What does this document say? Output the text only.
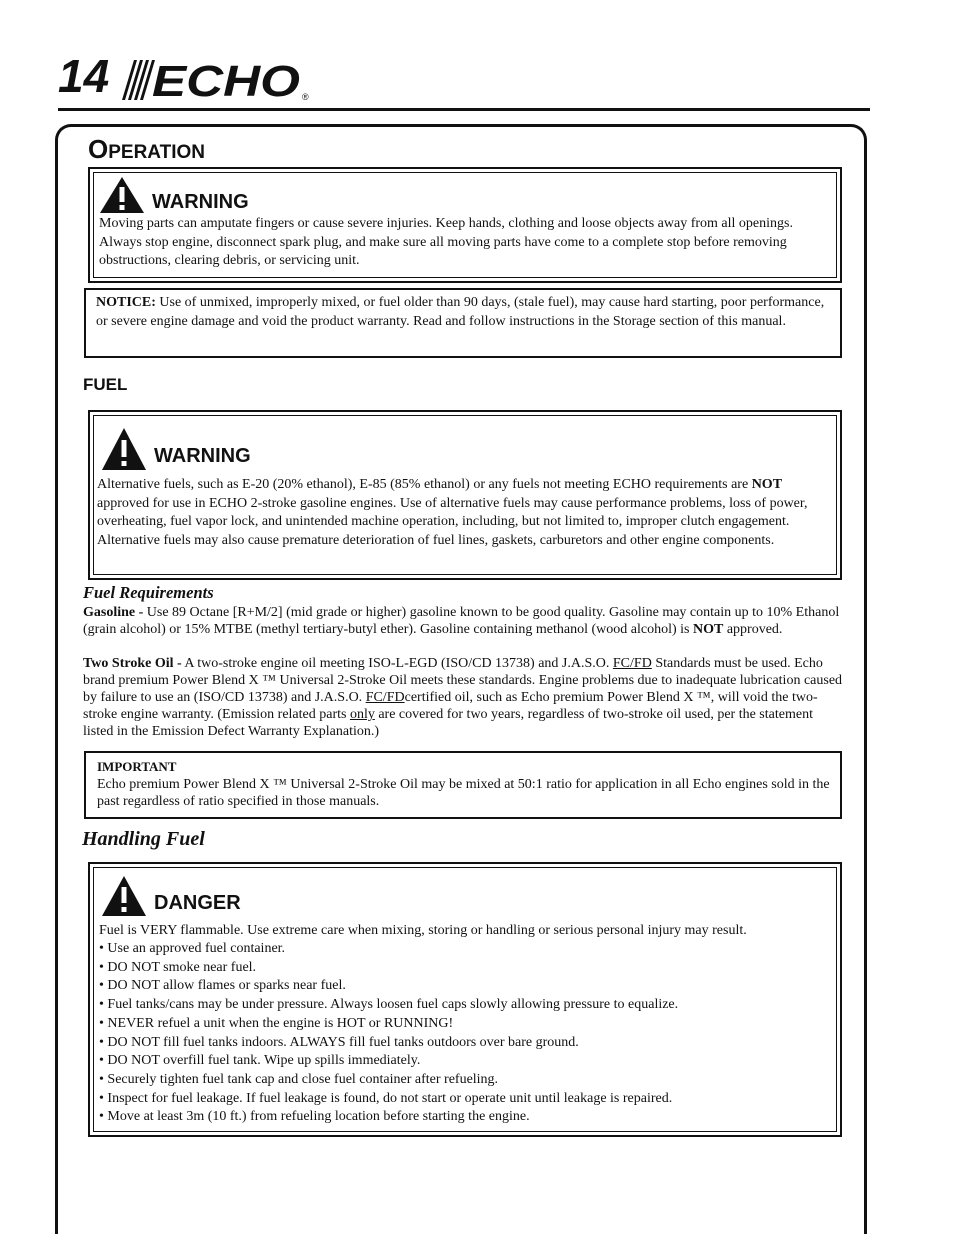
14 ECHO ®
OPERATION
WARNING
Moving parts can amputate fingers or cause severe injuries. Keep hands, clothing and loose objects away from all openings. Always stop engine, disconnect spark plug, and make sure all moving parts have come to a complete stop before removing obstructions, clearing debris, or servicing unit.
NOTICE: Use of unmixed, improperly mixed, or fuel older than 90 days, (stale fuel), may cause hard starting, poor performance, or severe engine damage and void the product warranty. Read and follow instructions in the Storage section of this manual.
FUEL
WARNING
Alternative fuels, such as E-20 (20% ethanol), E-85 (85% ethanol) or any fuels not meeting ECHO requirements are NOT approved for use in ECHO 2-stroke gasoline engines. Use of alternative fuels may cause performance problems, loss of power, overheating, fuel vapor lock, and unintended machine operation, including, but not limited to, improper clutch engagement. Alternative fuels may also cause premature deterioration of fuel lines, gaskets, carburetors and other engine components.
Fuel Requirements
Gasoline - Use 89 Octane [R+M/2] (mid grade or higher) gasoline known to be good quality. Gasoline may contain up to 10% Ethanol (grain alcohol) or 15% MTBE (methyl tertiary-butyl ether). Gasoline containing methanol (wood alcohol) is NOT approved.
Two Stroke Oil - A two-stroke engine oil meeting ISO-L-EGD (ISO/CD 13738) and J.A.S.O. FC/FD Standards must be used. Echo brand premium Power Blend X ™ Universal 2-Stroke Oil meets these standards. Engine problems due to inadequate lubrication caused by failure to use an (ISO/CD 13738) and J.A.S.O. FC/FDcertified oil, such as Echo premium Power Blend X ™, will void the two-stroke engine warranty. (Emission related parts only are covered for two years, regardless of two-stroke oil used, per the statement listed in the Emission Defect Warranty Explanation.)
IMPORTANT
Echo premium Power Blend X ™ Universal 2-Stroke Oil may be mixed at 50:1 ratio for application in all Echo engines sold in the past regardless of ratio specified in those manuals.
Handling Fuel
DANGER
Fuel is VERY flammable. Use extreme care when mixing, storing or handling or serious personal injury may result.
• Use an approved fuel container.
• DO NOT smoke near fuel.
• DO NOT allow flames or sparks near fuel.
• Fuel tanks/cans may be under pressure. Always loosen fuel caps slowly allowing pressure to equalize.
• NEVER refuel a unit when the engine is HOT or RUNNING!
• DO NOT fill fuel tanks indoors. ALWAYS fill fuel tanks outdoors over bare ground.
• DO NOT overfill fuel tank. Wipe up spills immediately.
• Securely tighten fuel tank cap and close fuel container after refueling.
• Inspect for fuel leakage. If fuel leakage is found, do not start or operate unit until leakage is repaired.
• Move at least 3m (10 ft.) from refueling location before starting the engine.
